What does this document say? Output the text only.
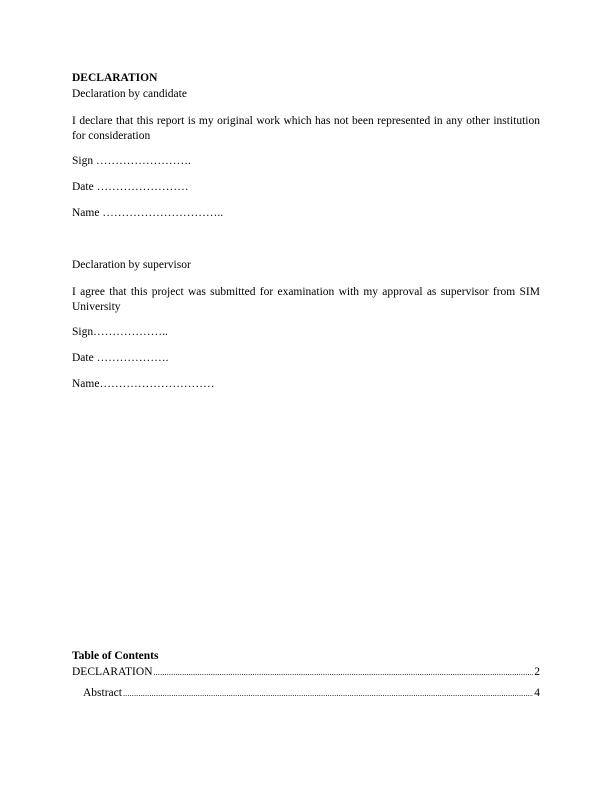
DECLARATION
Declaration by candidate
I declare that this report is my original work which has not been represented in any other institution for consideration
Sign …………………….
Date ……………………
Name …………………………..
Declaration by supervisor
I agree that this project was submitted for examination with my approval as supervisor from SIM University
Sign………………..
Date ……………….
Name…………………………
Table of Contents
DECLARATION .....	2
Abstract .....	4
